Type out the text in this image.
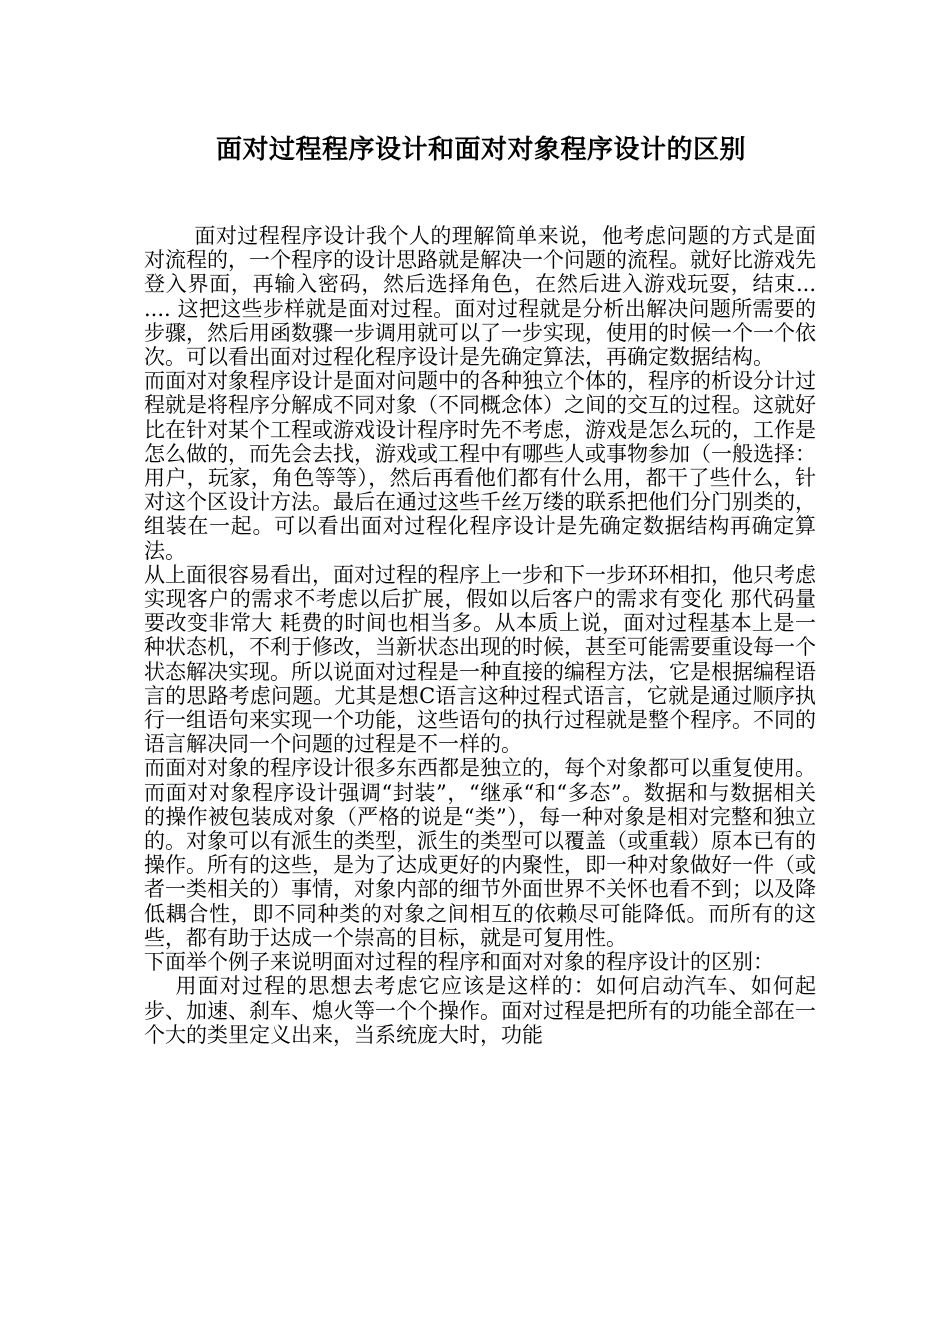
面对过程程序设计和面对对象程序设计的区别

面对过程程序设计我个人的理解简单来说，他考虑问题的方式是面对流程的，一个程序的设计思路就是解决一个问题的流程。就好比游戏先登入界面，再输入密码，然后选择角色，在然后进入游戏玩耍，结束... .... 这把这些步样就是面对过程。面对过程就是分析出解决问题所需要的步骤，然后用函数骤一步调用就可以了一步实现，使用的时候一个一个依次。可以看出面对过程化程序设计是先确定算法，再确定数据结构。

而面对对象程序设计是面对问题中的各种独立个体的，程序的析设分计过程就是将程序分解成不同对象（不同概念体）之间的交互的过程。这就好比在针对某个工程或游戏设计程序时先不考虑，游戏是怎么玩的，工作是怎么做的，而先会去找，游戏或工程中有哪些人或事物参加（一般选择：用户，玩家，角色等等），然后再看他们都有什么用，都干了些什么，针对这个区设计方法。最后在通过这些千丝万缕的联系把他们分门别类的，组装在一起。可以看出面对过程化程序设计是先确定数据结构再确定算法。

从上面很容易看出，面对过程的程序上一步和下一步环环相扣，他只考虑实现客户的需求不考虑以后扩展，假如以后客户的需求有变化 那代码量要改变非常大 耗费的时间也相当多。从本质上说，面对过程基本上是一种状态机，不利于修改，当新状态出现的时候，甚至可能需要重设每一个状态解决实现。所以说面对过程是一种直接的编程方法，它是根据编程语言的思路考虑问题。尤其是想C语言这种过程式语言，它就是通过顺序执行一组语句来实现一个功能，这些语句的执行过程就是整个程序。不同的语言解决同一个问题的过程是不一样的。

而面对对象的程序设计很多东西都是独立的，每个对象都可以重复使用。而面对对象程序设计强调“封装”，“继承“和“多态”。数据和与数据相关的操作被包装成对象（严格的说是“类”），每一种对象是相对完整和独立的。对象可以有派生的类型，派生的类型可以覆盖（或重载）原本已有的操作。所有的这些，是为了达成更好的内聚性，即一种对象做好一件（或者一类相关的）事情，对象内部的细节外面世界不关怀也看不到；以及降低耦合性，即不同种类的对象之间相互的依赖尽可能降低。而所有的这些，都有助于达成一个崇高的目标，就是可复用性。

下面举个例子来说明面对过程的程序和面对对象的程序设计的区别：

用面对过程的思想去考虑它应该是这样的：如何启动汽车、如何起步、加速、刹车、熄火等一个个操作。面对过程是把所有的功能全部在一个大的类里定义出来，当系统庞大时，功能
